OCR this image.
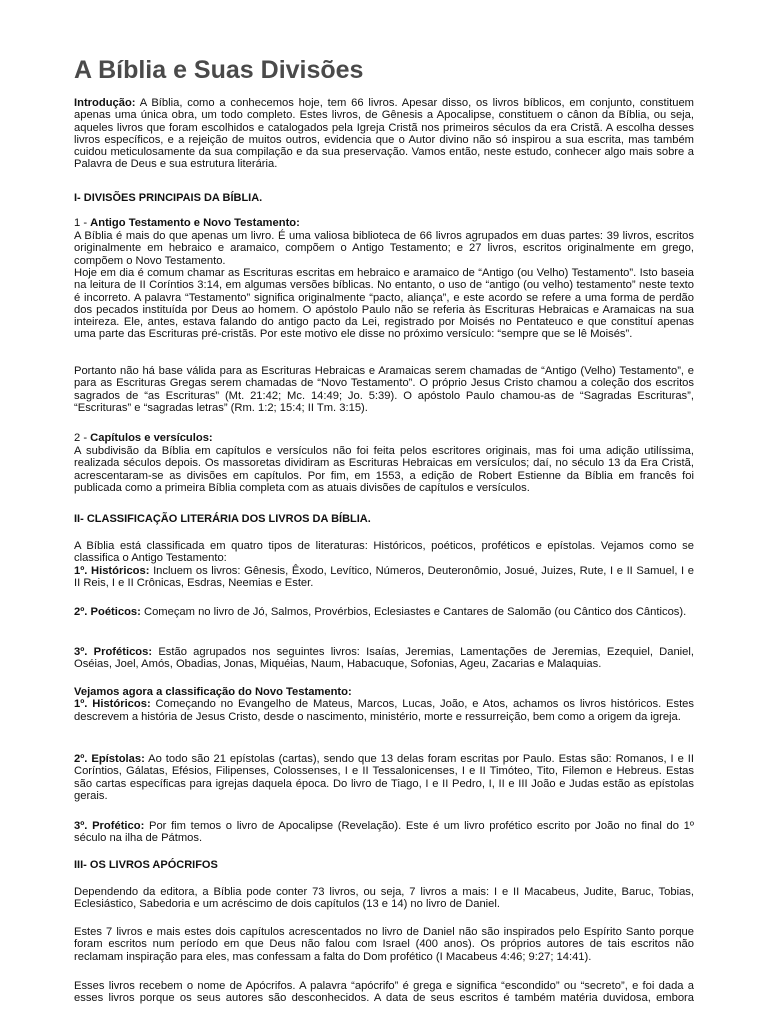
A Bíblia e Suas Divisões

Introdução: A Bíblia, como a conhecemos hoje, tem 66 livros. Apesar disso, os livros bíblicos, em conjunto, constituem apenas uma única obra, um todo completo. Estes livros, de Gênesis a Apocalipse, constituem o cânon da Bíblia, ou seja, aqueles livros que foram escolhidos e catalogados pela Igreja Cristã nos primeiros séculos da era Cristã. A escolha desses livros específicos, e a rejeição de muitos outros, evidencia que o Autor divino não só inspirou a sua escrita, mas também cuidou meticulosamente da sua compilação e da sua preservação. Vamos então, neste estudo, conhecer algo mais sobre a Palavra de Deus e sua estrutura literária.

I- DIVISÕES PRINCIPAIS DA BÍBLIA.

1 - Antigo Testamento e Novo Testamento:

A Bíblia é mais do que apenas um livro. É uma valiosa biblioteca de 66 livros agrupados em duas partes: 39 livros, escritos originalmente em hebraico e aramaico, compõem o Antigo Testamento; e 27 livros, escritos originalmente em grego, compõem o Novo Testamento.

Hoje em dia é comum chamar as Escrituras escritas em hebraico e aramaico de “Antigo (ou Velho) Testamento”. Isto baseia na leitura de II Coríntios 3:14, em algumas versões bíblicas. No entanto, o uso de “antigo (ou velho) testamento” neste texto é incorreto. A palavra “Testamento” significa originalmente “pacto, aliança”, e este acordo se refere a uma forma de perdão dos pecados instituída por Deus ao homem. O apóstolo Paulo não se referia às Escrituras Hebraicas e Aramaicas na sua inteireza. Ele, antes, estava falando do antigo pacto da Lei, registrado por Moisés no Pentateuco e que constituí apenas uma parte das Escrituras pré-cristãs. Por este motivo ele disse no próximo versículo: “sempre que se lê Moisés”.

Portanto não há base válida para as Escrituras Hebraicas e Aramaicas serem chamadas de “Antigo (Velho) Testamento”, e para as Escrituras Gregas serem chamadas de “Novo Testamento”. O próprio Jesus Cristo chamou a coleção dos escritos sagrados de “as Escrituras” (Mt. 21:42; Mc. 14:49; Jo. 5:39). O apóstolo Paulo chamou-as de “Sagradas Escrituras”, “Escrituras” e “sagradas letras” (Rm. 1:2; 15:4; II Tm. 3:15).

2 - Capítulos e versículos:

A subdivisão da Bíblia em capítulos e versículos não foi feita pelos escritores originais, mas foi uma adição utilíssima, realizada séculos depois. Os massoretas dividiram as Escrituras Hebraicas em versículos; daí, no século 13 da Era Cristã, acrescentaram-se as divisões em capítulos. Por fim, em 1553, a edição de Robert Estienne da Bíblia em francês foi publicada como a primeira Bíblia completa com as atuais divisões de capítulos e versículos.

II- CLASSIFICAÇÃO LITERÁRIA DOS LIVROS DA BÍBLIA.

A Bíblia está classificada em quatro tipos de literaturas: Históricos, poéticos, proféticos e epístolas. Vejamos como se classifica o Antigo Testamento:
1º. Históricos: Incluem os livros: Gênesis, Êxodo, Levítico, Números, Deuteronômio, Josué, Juizes, Rute, I e II Samuel, I e II Reis, I e II Crônicas, Esdras, Neemias e Ester.

2º. Poéticos: Começam no livro de Jó, Salmos, Provérbios, Eclesiastes e Cantares de Salomão (ou Cântico dos Cânticos).

3º. Proféticos: Estão agrupados nos seguintes livros: Isaías, Jeremias, Lamentações de Jeremias, Ezequiel, Daniel, Oséias, Joel, Amós, Obadias, Jonas, Miquéias, Naum, Habacuque, Sofonias, Ageu, Zacarias e Malaquias.

Vejamos agora a classificação do Novo Testamento:
1º. Históricos: Começando no Evangelho de Mateus, Marcos, Lucas, João, e Atos, achamos os livros históricos. Estes descrevem a história de Jesus Cristo, desde o nascimento, ministério, morte e ressurreição, bem como a origem da igreja.

2º. Epístolas: Ao todo são 21 epístolas (cartas), sendo que 13 delas foram escritas por Paulo. Estas são: Romanos, I e II Coríntios, Gálatas, Efésios, Filipenses, Colossenses, I e II Tessalonicenses, I e II Timóteo, Tito, Filemon e Hebreus. Estas são cartas específicas para igrejas daquela época. Do livro de Tiago, I e II Pedro, I, II e III João e Judas estão as epístolas gerais.

3º. Profético: Por fim temos o livro de Apocalipse (Revelação). Este é um livro profético escrito por João no final do 1º século na ilha de Pátmos.

III- OS LIVROS APÓCRIFOS

Dependendo da editora, a Bíblia pode conter 73 livros, ou seja, 7 livros a mais: I e II Macabeus, Judite, Baruc, Tobias, Eclesiástico, Sabedoria e um acréscimo de dois capítulos (13 e 14) no livro de Daniel.

Estes 7 livros e mais estes dois capítulos acrescentados no livro de Daniel não são inspirados pelo Espírito Santo porque foram escritos num período em que Deus não falou com Israel (400 anos). Os próprios autores de tais escritos não reclamam inspiração para eles, mas confessam a falta do Dom profético (I Macabeus 4:46; 9:27; 14:41).

Esses livros recebem o nome de Apócrifos. A palavra “apócrifo” é grega e significa “escondido” ou “secreto”, e foi dada a esses livros porque os seus autores são desconhecidos. A data de seus escritos é também matéria duvidosa, embora
